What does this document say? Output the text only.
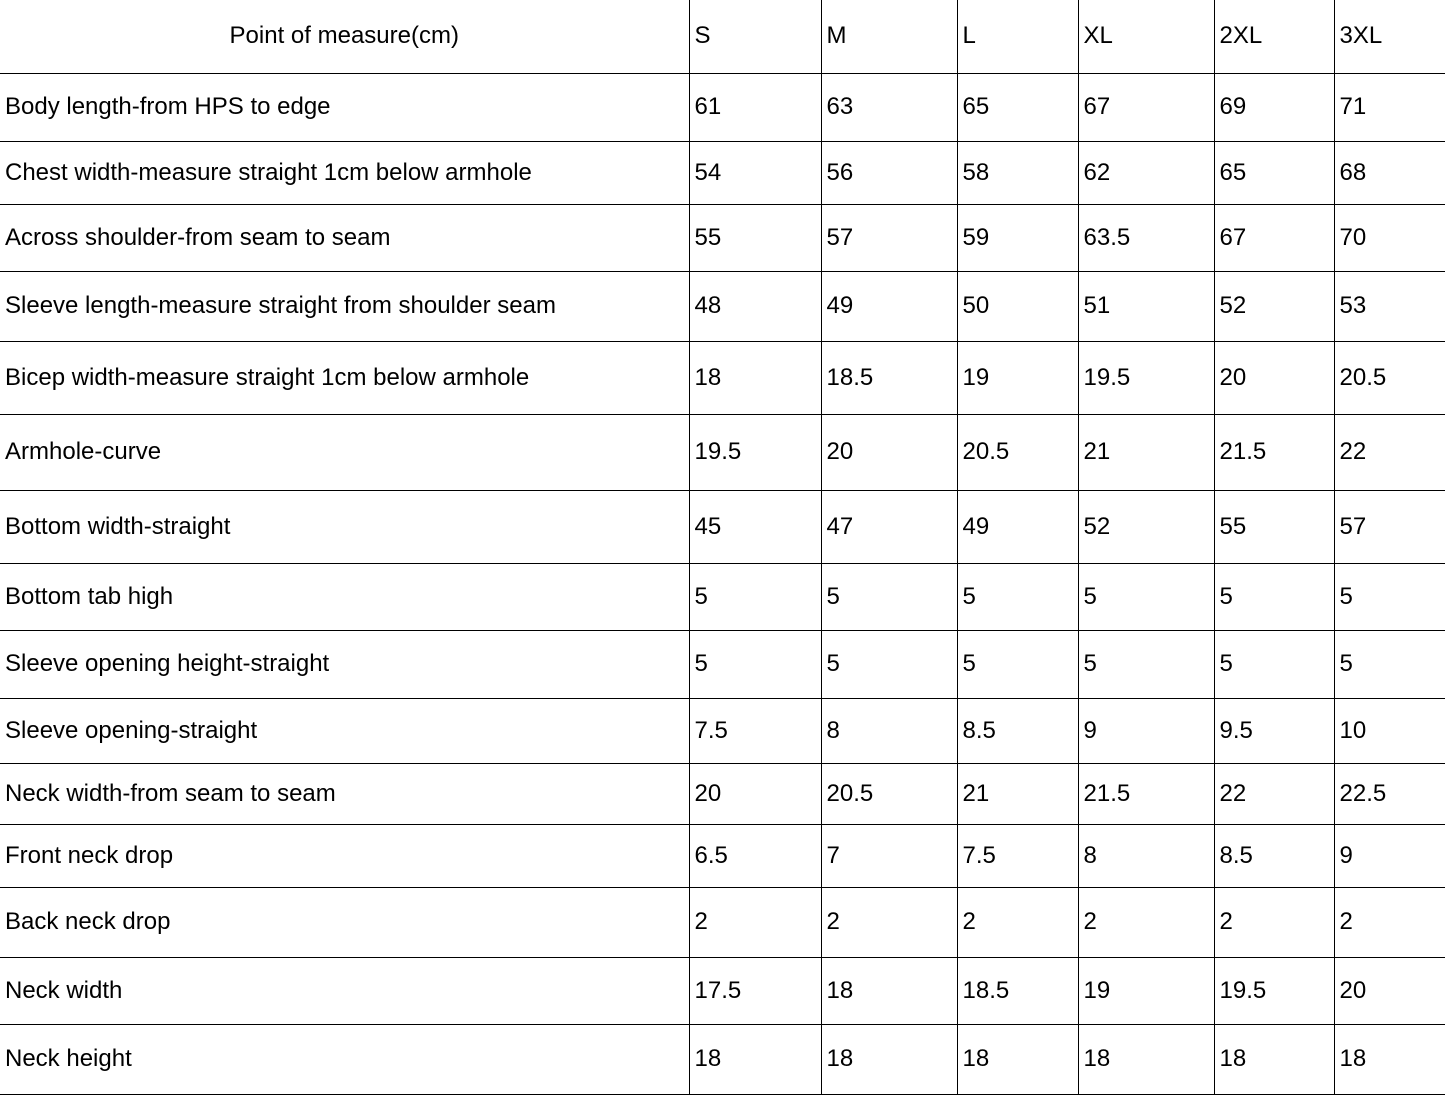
Point of measure(cm)	S	M	L	XL	2XL	3XL
Body length-from HPS to edge	61	63	65	67	69	71
Chest width-measure straight 1cm below armhole	54	56	58	62	65	68
Across shoulder-from seam to seam	55	57	59	63.5	67	70
Sleeve length-measure straight from shoulder seam	48	49	50	51	52	53
Bicep width-measure straight 1cm below armhole	18	18.5	19	19.5	20	20.5
Armhole-curve	19.5	20	20.5	21	21.5	22
Bottom width-straight	45	47	49	52	55	57
Bottom tab high	5	5	5	5	5	5
Sleeve opening height-straight	5	5	5	5	5	5
Sleeve opening-straight	7.5	8	8.5	9	9.5	10
Neck width-from seam to seam	20	20.5	21	21.5	22	22.5
Front neck drop	6.5	7	7.5	8	8.5	9
Back neck drop	2	2	2	2	2	2
Neck width	17.5	18	18.5	19	19.5	20
Neck height	18	18	18	18	18	18
